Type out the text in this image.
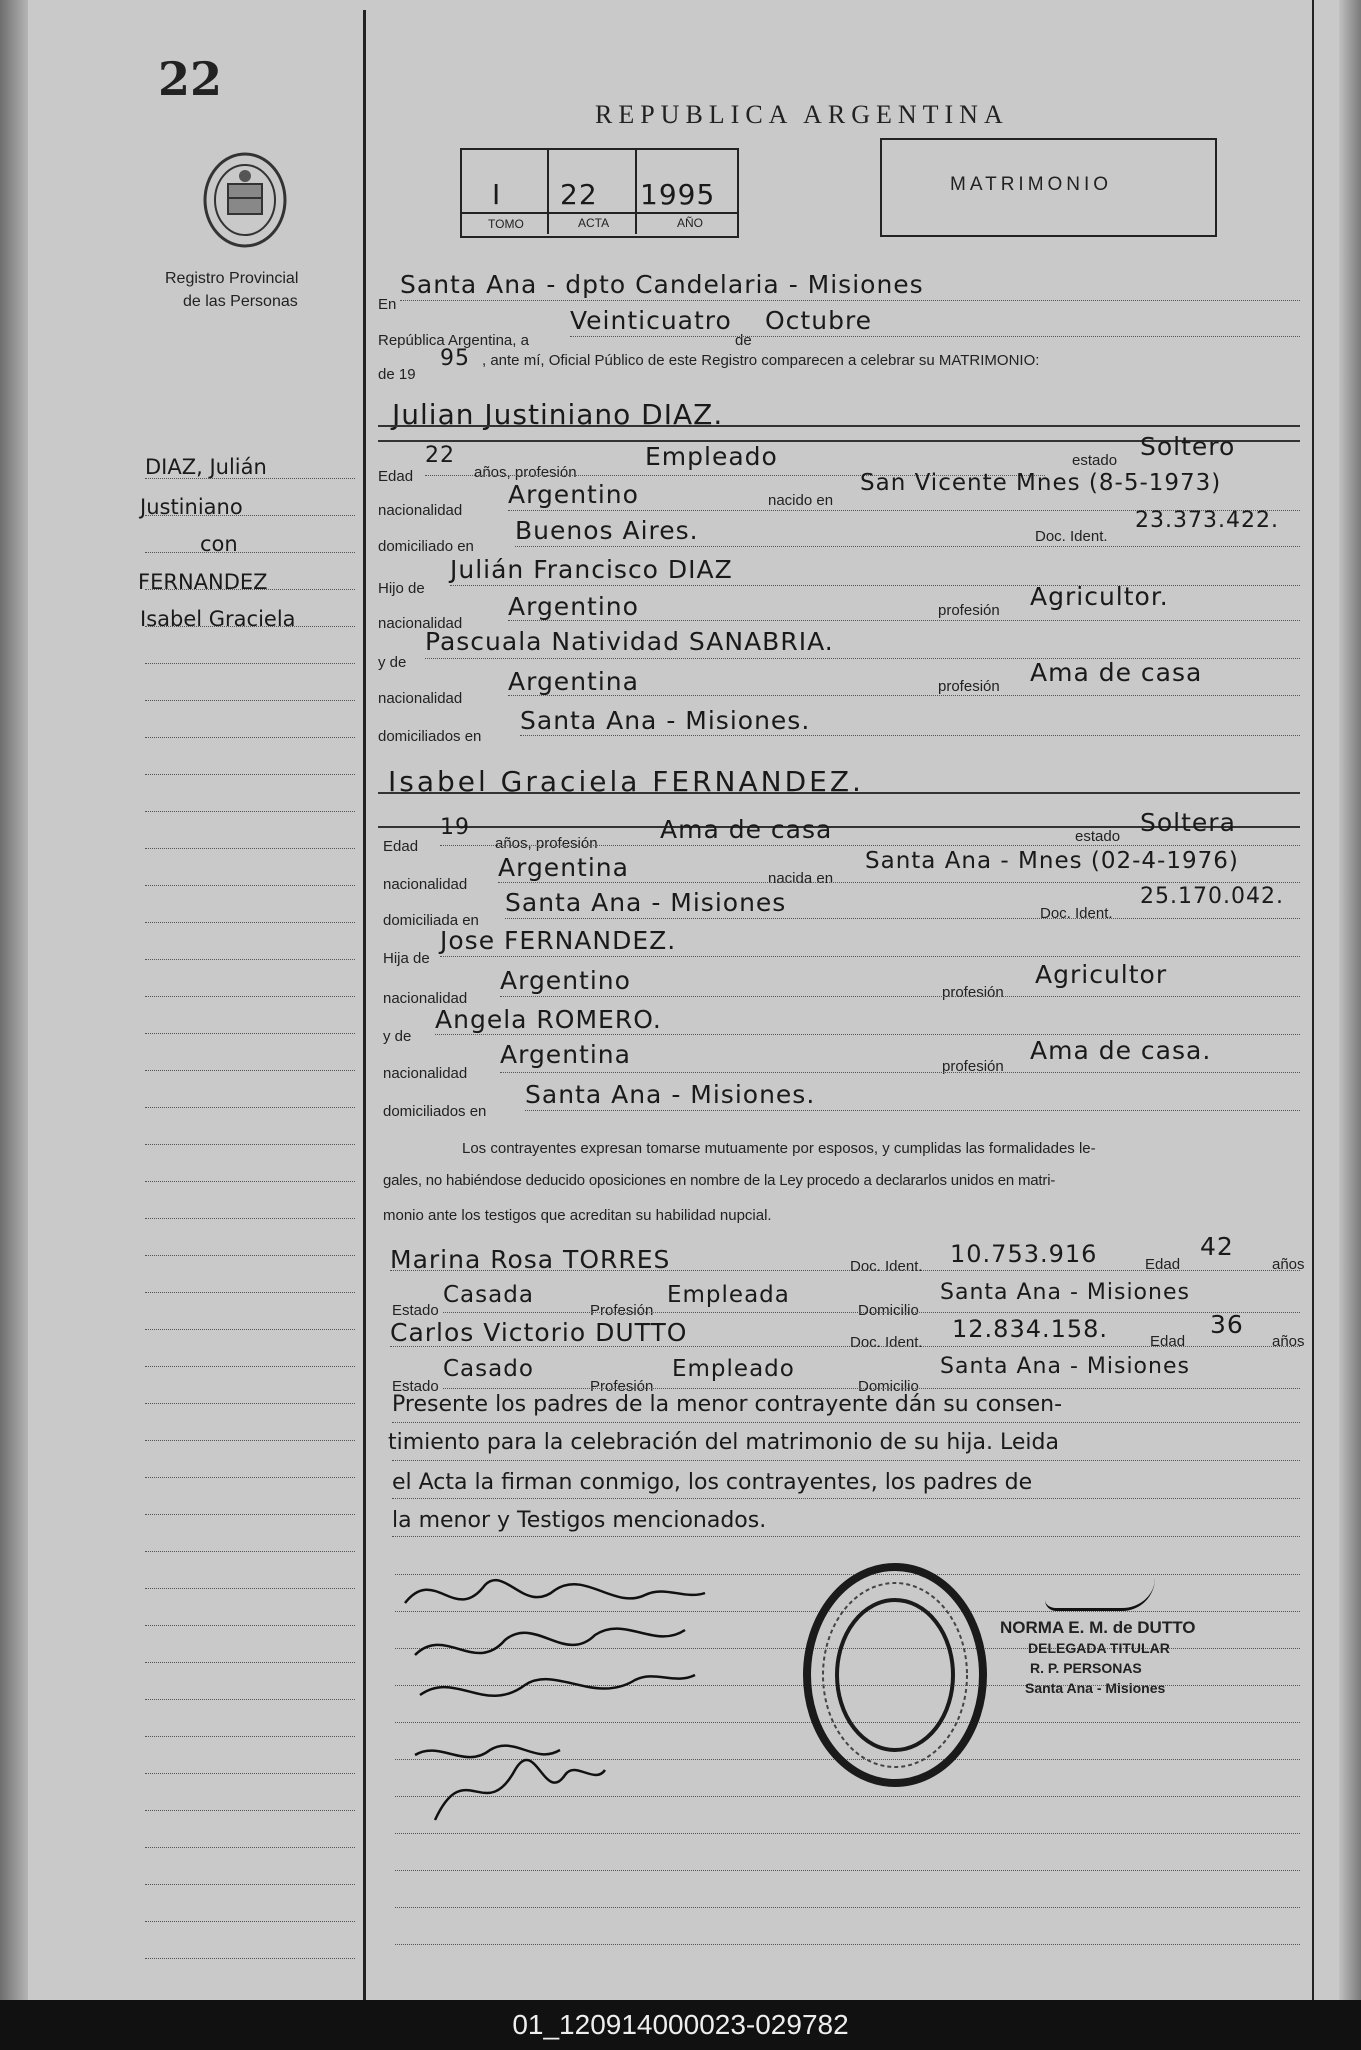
22
Registro Provincial
de las Personas
DIAZ, Julián
Justiniano
con
FERNANDEZ
Isabel Graciela
REPUBLICA ARGENTINA
I 22 1995
TOMO	ACTA	AÑO
MATRIMONIO
En
Santa Ana - dpto Candelaria - Misiones
República Argentina, a
Veinticuatro
de
Octubre
de 19
95 , ante mí, Oficial Público de este Registro comparecen a celebrar su MATRIMONIO:
Julian Justiniano DIAZ.
Edad
22
años, profesión
Empleado	estado Soltero
nacionalidad
Argentino	nacido en
San Vicente Mnes (8-5-1973)
domiciliado en
Buenos Aires.	Doc. Ident.
23.373.422.
Hijo de
Julián Francisco DIAZ
nacionalidad
Argentino	profesión Agricultor.
y de
Pascuala Natividad SANABRIA.
nacionalidad
Argentina	profesión Ama de casa
domiciliados en
Santa Ana - Misiones.
Isabel Graciela FERNANDEZ.
Edad
19
años, profesión Ama de casa	estado Soltera
nacionalidad
Argentina	nacida en
Santa Ana - Mnes (02-4-1976)
domiciliada en
Santa Ana - Misiones	Doc. Ident.
25.170.042.
Hija de
Jose FERNANDEZ.
nacionalidad
Argentino	profesión
Agricultor
y de
Angela ROMERO.
nacionalidad
Argentina	profesión
Ama de casa.
domiciliados en
Santa Ana - Misiones.
Los contrayentes expresan tomarse mutuamente por esposos, y cumplidas las formalidades le-
gales, no habiéndose deducido oposiciones en nombre de la Ley procedo a declararlos unidos en matri-
monio ante los testigos que acreditan su habilidad nupcial.
Marina Rosa TORRES	Doc. Ident. 10.753.916	Edad
42
años
Estado
Casada
Profesión
Empleada
Domicilio
Santa Ana - Misiones
Carlos Victorio DUTTO	Doc. Ident. 12.834.158.	Edad
36
años
Estado
Casado
Profesión
Empleado
Domicilio
Santa Ana - Misiones
Presente los padres de la menor contrayente dán su consen-
timiento para la celebración del matrimonio de su hija. Leida
el Acta la firman conmigo, los contrayentes, los padres de
la menor y Testigos mencionados.
NORMA E. M. de DUTTO
DELEGADA TITULAR
R. P. PERSONAS
Santa Ana - Misiones
01_120914000023-029782
